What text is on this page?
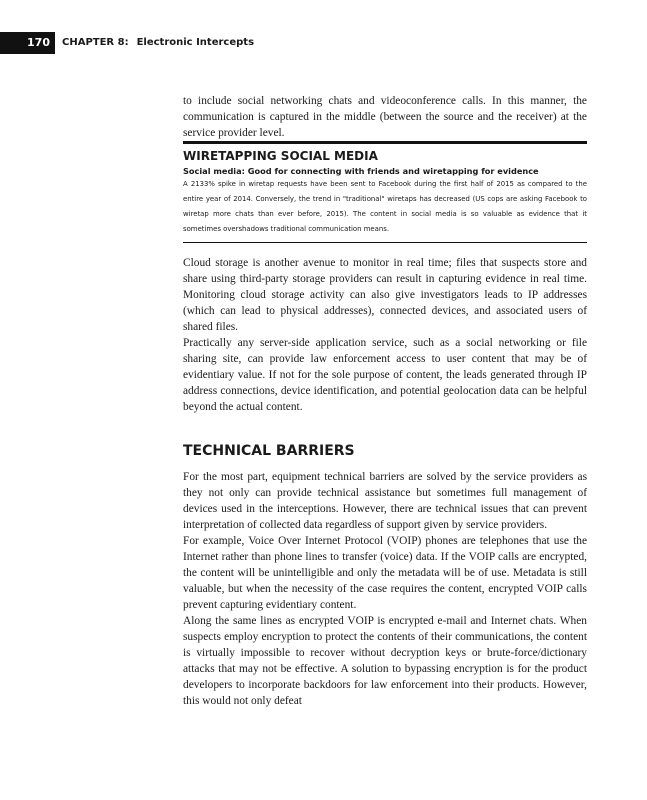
170	CHAPTER 8: Electronic Intercepts

to include social networking chats and videoconference calls. In this manner, the communication is captured in the middle (between the source and the receiver) at the service provider level.

WIRETAPPING SOCIAL MEDIA

Social media: Good for connecting with friends and wiretapping for evidence

A 2133% spike in wiretap requests have been sent to Facebook during the first half of 2015 as compared to the entire year of 2014. Conversely, the trend in "traditional" wiretaps has decreased (US cops are asking Facebook to wiretap more chats than ever before, 2015). The content in social media is so valuable as evidence that it sometimes overshadows traditional communication means.

Cloud storage is another avenue to monitor in real time; files that suspects store and share using third-party storage providers can result in capturing evidence in real time. Monitoring cloud storage activity can also give investigators leads to IP addresses (which can lead to physical addresses), connected devices, and associated users of shared files.

Practically any server-side application service, such as a social networking or file sharing site, can provide law enforcement access to user content that may be of evidentiary value. If not for the sole purpose of content, the leads generated through IP address connections, device identification, and potential geolocation data can be helpful beyond the actual content.

TECHNICAL BARRIERS

For the most part, equipment technical barriers are solved by the service providers as they not only can provide technical assistance but sometimes full management of devices used in the interceptions. However, there are technical issues that can prevent interpretation of collected data regardless of support given by service providers.

For example, Voice Over Internet Protocol (VOIP) phones are telephones that use the Internet rather than phone lines to transfer (voice) data. If the VOIP calls are encrypted, the content will be unintelligible and only the metadata will be of use. Metadata is still valuable, but when the necessity of the case requires the content, encrypted VOIP calls prevent capturing evidentiary content.

Along the same lines as encrypted VOIP is encrypted e-mail and Internet chats. When suspects employ encryption to protect the contents of their communications, the content is virtually impossible to recover without decryption keys or brute-force/dictionary attacks that may not be effective. A solution to bypassing encryption is for the product developers to incorporate backdoors for law enforcement into their products. However, this would not only defeat
